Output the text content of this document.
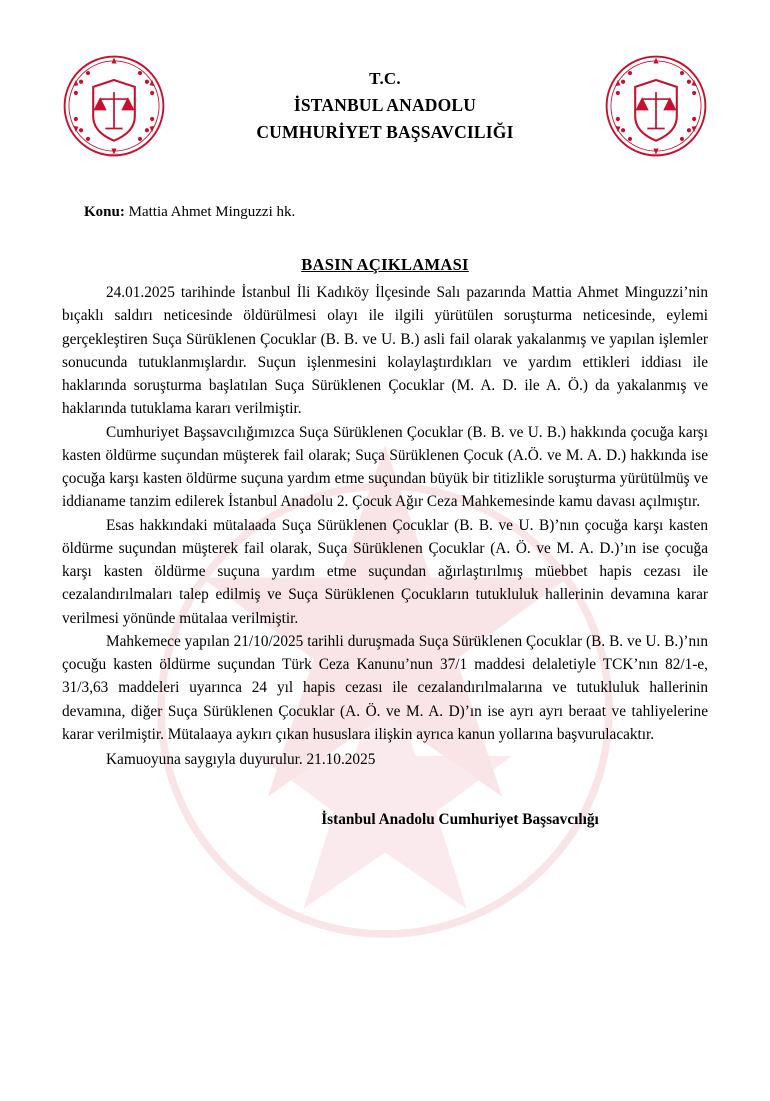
2013
T.C.
İSTANBUL ANADOLU
CUMHURİYET BAŞSAVCILIĞI
2013
Konu: Mattia Ahmet Minguzzi hk.
BASIN AÇIKLAMASI

24.01.2025 tarihinde İstanbul İli Kadıköy İlçesinde Salı pazarında Mattia Ahmet Minguzzi’nin bıçaklı saldırı neticesinde öldürülmesi olayı ile ilgili yürütülen soruşturma neticesinde, eylemi gerçekleştiren Suça Sürüklenen Çocuklar (B. B. ve U. B.) asli fail olarak yakalanmış ve yapılan işlemler sonucunda tutuklanmışlardır. Suçun işlenmesini kolaylaştırdıkları ve yardım ettikleri iddiası ile haklarında soruşturma başlatılan Suça Sürüklenen Çocuklar (M. A. D. ile A. Ö.) da yakalanmış ve haklarında tutuklama kararı verilmiştir.

Cumhuriyet Başsavcılığımızca Suça Sürüklenen Çocuklar (B. B. ve U. B.) hakkında çocuğa karşı kasten öldürme suçundan müşterek fail olarak; Suça Sürüklenen Çocuk (A.Ö. ve M. A. D.) hakkında ise çocuğa karşı kasten öldürme suçuna yardım etme suçundan büyük bir titizlikle soruşturma yürütülmüş ve iddianame tanzim edilerek İstanbul Anadolu 2. Çocuk Ağır Ceza Mahkemesinde kamu davası açılmıştır.

Esas hakkındaki mütalaada Suça Sürüklenen Çocuklar (B. B. ve U. B)’nın çocuğa karşı kasten öldürme suçundan müşterek fail olarak, Suça Sürüklenen Çocuklar (A. Ö. ve M. A. D.)’ın ise çocuğa karşı kasten öldürme suçuna yardım etme suçundan ağırlaştırılmış müebbet hapis cezası ile cezalandırılmaları talep edilmiş ve Suça Sürüklenen Çocukların tutukluluk hallerinin devamına karar verilmesi yönünde mütalaa verilmiştir.

Mahkemece yapılan 21/10/2025 tarihli duruşmada Suça Sürüklenen Çocuklar (B. B. ve U. B.)’nın çocuğu kasten öldürme suçundan Türk Ceza Kanunu’nun 37/1 maddesi delaletiyle TCK’nın 82/1-e, 31/3,63 maddeleri uyarınca 24 yıl hapis cezası ile cezalandırılmalarına ve tutukluluk hallerinin devamına, diğer Suça Sürüklenen Çocuklar (A. Ö. ve M. A. D)’ın ise ayrı ayrı beraat ve tahliyelerine karar verilmiştir. Mütalaaya aykırı çıkan hususlara ilişkin ayrıca kanun yollarına başvurulacaktır.

Kamuoyuna saygıyla duyurulur. 21.10.2025
İstanbul Anadolu Cumhuriyet Başsavcılığı
